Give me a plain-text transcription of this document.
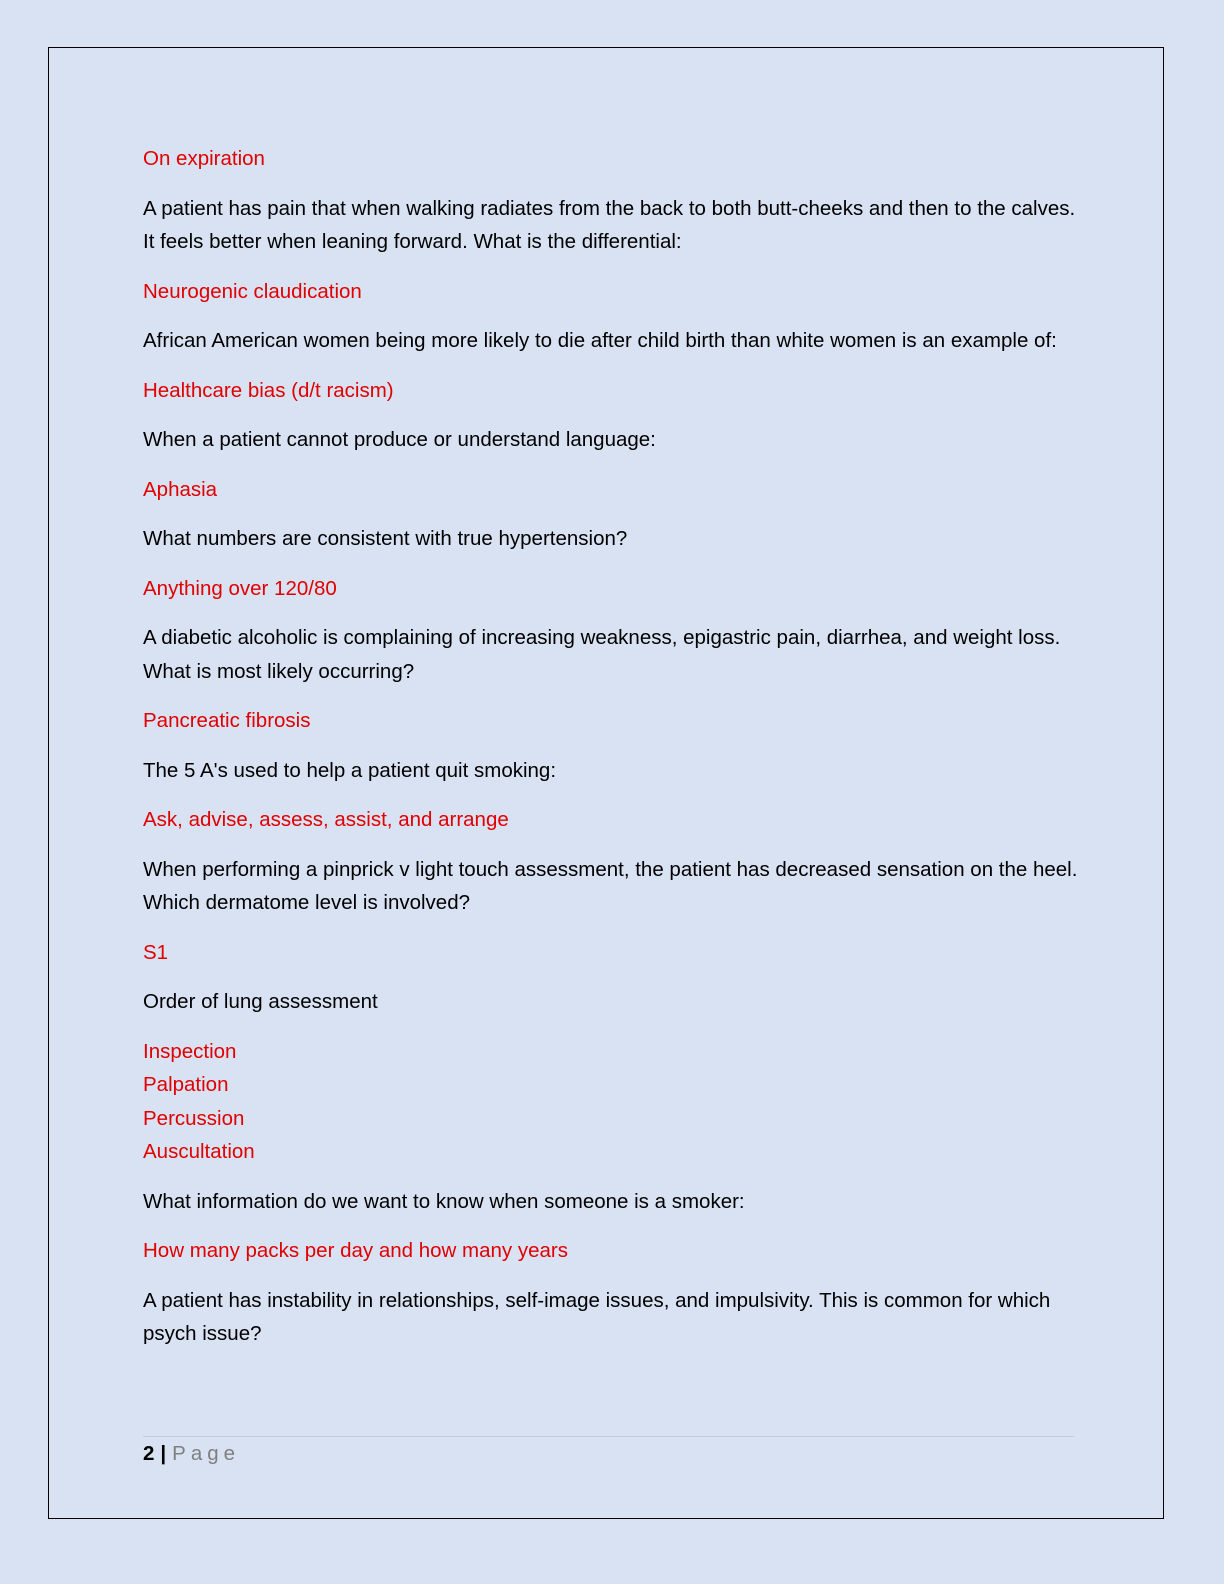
On expiration

A patient has pain that when walking radiates from the back to both butt-cheeks and then to the calves. It feels better when leaning forward. What is the differential:

Neurogenic claudication

African American women being more likely to die after child birth than white women is an example of:

Healthcare bias (d/t racism)

When a patient cannot produce or understand language:

Aphasia

What numbers are consistent with true hypertension?

Anything over 120/80

A diabetic alcoholic is complaining of increasing weakness, epigastric pain, diarrhea, and weight loss. What is most likely occurring?

Pancreatic fibrosis

The 5 A's used to help a patient quit smoking:

Ask, advise, assess, assist, and arrange

When performing a pinprick v light touch assessment, the patient has decreased sensation on the heel. Which dermatome level is involved?

S1

Order of lung assessment

Inspection

Palpation

Percussion

Auscultation

What information do we want to know when someone is a smoker:

How many packs per day and how many years

A patient has instability in relationships, self-image issues, and impulsivity. This is common for which psych issue?

2 | Page
